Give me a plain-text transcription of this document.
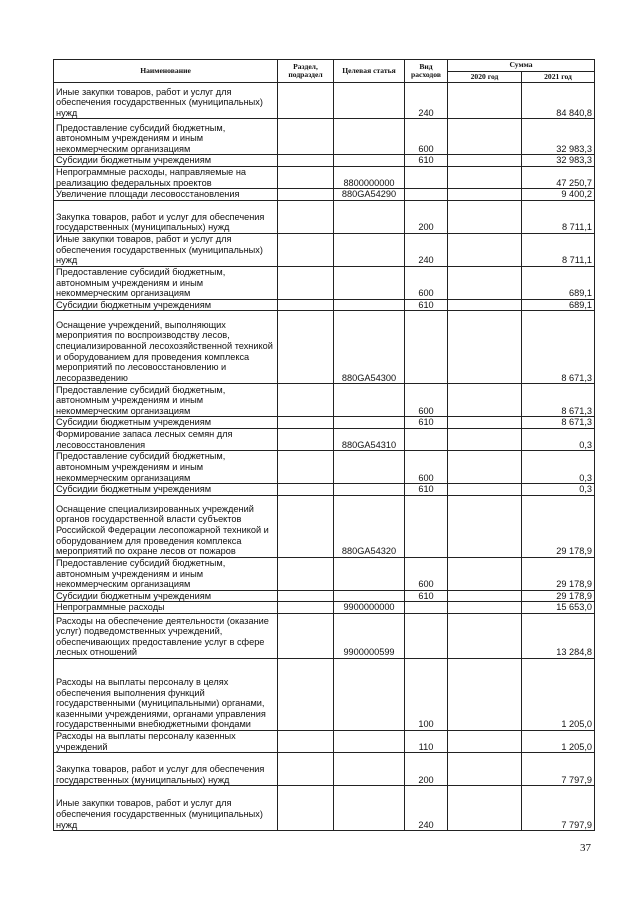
Наименование	Раздел, подраздел	Целевая статья	Вид расходов	Сумма	
				2020 год	2021 год
Иные закупки товаров, работ и услуг для обеспечения государственных (муниципальных) нужд			240		84 840,8
Предоставление субсидий бюджетным, автономным учреждениям и иным некоммерческим организациям			600		32 983,3
Субсидии бюджетным учреждениям			610		32 983,3
Непрограммные расходы, направляемые на реализацию федеральных проектов		8800000000			47 250,7
Увеличение площади лесовосстановления		880GA54290			9 400,2
Закупка товаров, работ и услуг для обеспечения государственных (муниципальных) нужд			200		8 711,1
Иные закупки товаров, работ и услуг для обеспечения государственных (муниципальных) нужд			240		8 711,1
Предоставление субсидий бюджетным, автономным учреждениям и иным некоммерческим организациям			600		689,1
Субсидии бюджетным учреждениям			610		689,1
Оснащение учреждений, выполняющих мероприятия по воспроизводству лесов, специализированной лесохозяйственной техникой и оборудованием для проведения комплекса мероприятий по лесовосстановлению и лесоразведению		880GA54300			8 671,3
Предоставление субсидий бюджетным, автономным учреждениям и иным некоммерческим организациям			600		8 671,3
Субсидии бюджетным учреждениям			610		8 671,3
Формирование запаса лесных семян для лесовосстановления		880GA54310			0,3
Предоставление субсидий бюджетным, автономным учреждениям и иным некоммерческим организациям			600		0,3
Субсидии бюджетным учреждениям			610		0,3
Оснащение специализированных учреждений органов государственной власти субъектов Российской Федерации лесопожарной техникой и оборудованием для проведения комплекса мероприятий по охране лесов от пожаров		880GA54320			29 178,9
Предоставление субсидий бюджетным, автономным учреждениям и иным некоммерческим организациям			600		29 178,9
Субсидии бюджетным учреждениям			610		29 178,9
Непрограммные расходы		9900000000			15 653,0
Расходы на обеспечение деятельности (оказание услуг) подведомственных учреждений, обеспечивающих предоставление услуг в сфере лесных отношений		9900000599			13 284,8
Расходы на выплаты персоналу в целях обеспечения выполнения функций государственными (муниципальными) органами, казенными учреждениями, органами управления государственными внебюджетными фондами			100		1 205,0
Расходы на выплаты персоналу казенных учреждений			110		1 205,0
Закупка товаров, работ и услуг для обеспечения государственных (муниципальных) нужд			200		7 797,9
Иные закупки товаров, работ и услуг для обеспечения государственных (муниципальных) нужд			240		7 797,9
37
